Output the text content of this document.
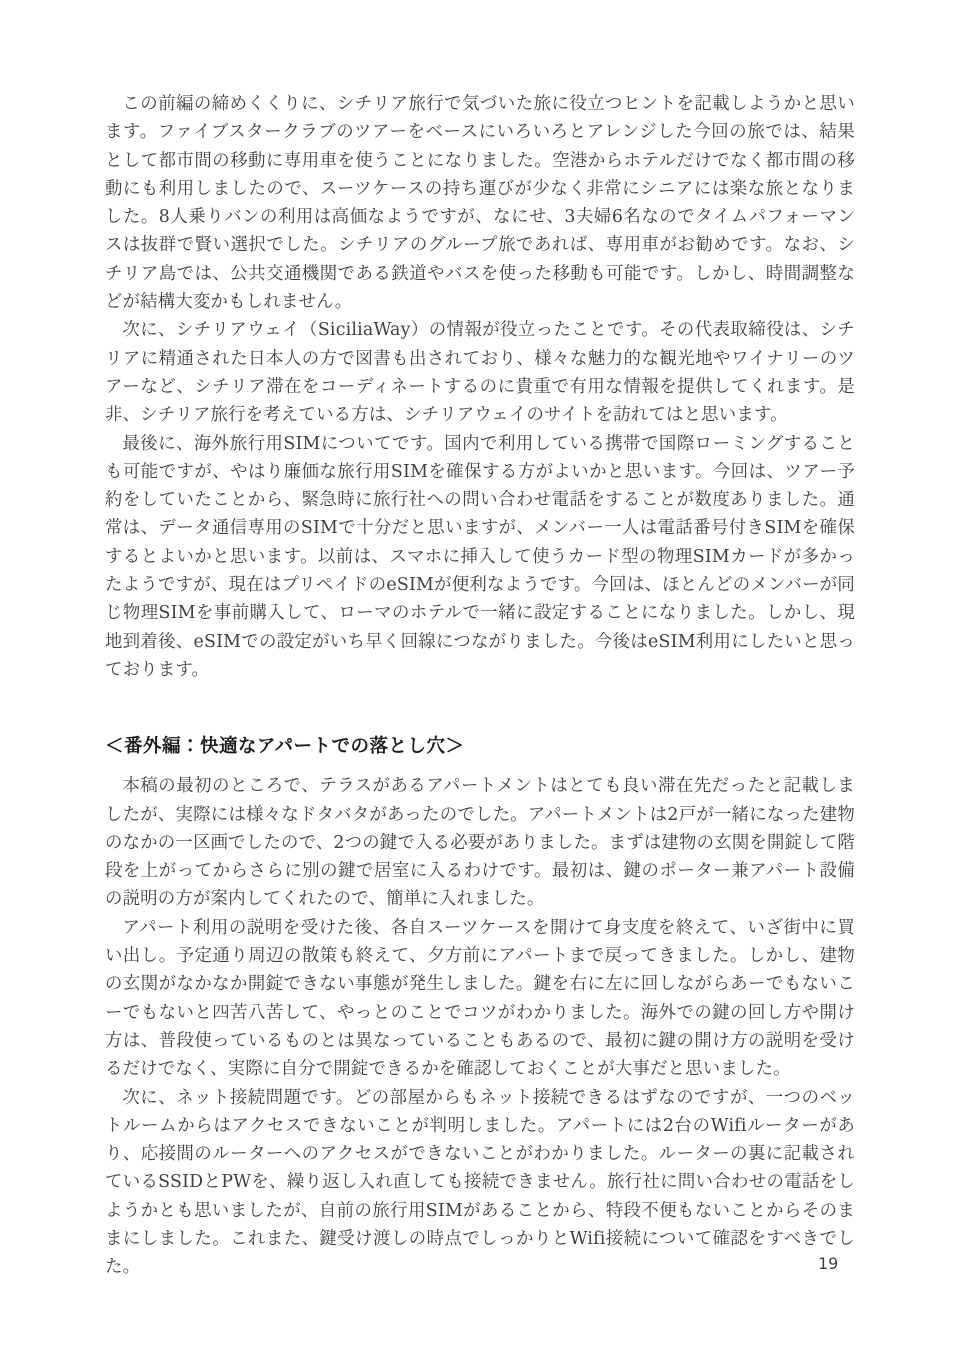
この前編の締めくくりに、シチリア旅行で気づいた旅に役立つヒントを記載しようかと思います。ファイブスタークラブのツアーをベースにいろいろとアレンジした今回の旅では、結果として都市間の移動に専用車を使うことになりました。空港からホテルだけでなく都市間の移動にも利用しましたので、スーツケースの持ち運びが少なく非常にシニアには楽な旅となりました。8人乗りバンの利用は高価なようですが、なにせ、3夫婦6名なのでタイムパフォーマンスは抜群で賢い選択でした。シチリアのグループ旅であれば、専用車がお勧めです。なお、シチリア島では、公共交通機関である鉄道やバスを使った移動も可能です。しかし、時間調整などが結構大変かもしれません。

次に、シチリアウェイ（SiciliaWay）の情報が役立ったことです。その代表取締役は、シチリアに精通された日本人の方で図書も出されており、様々な魅力的な観光地やワイナリーのツアーなど、シチリア滞在をコーディネートするのに貴重で有用な情報を提供してくれます。是非、シチリア旅行を考えている方は、シチリアウェイのサイトを訪れてはと思います。

最後に、海外旅行用SIMについてです。国内で利用している携帯で国際ローミングすることも可能ですが、やはり廉価な旅行用SIMを確保する方がよいかと思います。今回は、ツアー予約をしていたことから、緊急時に旅行社への問い合わせ電話をすることが数度ありました。通常は、データ通信専用のSIMで十分だと思いますが、メンバー一人は電話番号付きSIMを確保するとよいかと思います。以前は、スマホに挿入して使うカード型の物理SIMカードが多かったようですが、現在はプリペイドのeSIMが便利なようです。今回は、ほとんどのメンバーが同じ物理SIMを事前購入して、ローマのホテルで一緒に設定することになりました。しかし、現地到着後、eSIMでの設定がいち早く回線につながりました。今後はeSIM利用にしたいと思っております。

＜番外編：快適なアパートでの落とし穴＞

本稿の最初のところで、テラスがあるアパートメントはとても良い滞在先だったと記載しましたが、実際には様々なドタバタがあったのでした。アパートメントは2戸が一緒になった建物のなかの一区画でしたので、2つの鍵で入る必要がありました。まずは建物の玄関を開錠して階段を上がってからさらに別の鍵で居室に入るわけです。最初は、鍵のポーター兼アパート設備の説明の方が案内してくれたので、簡単に入れました。

アパート利用の説明を受けた後、各自スーツケースを開けて身支度を終えて、いざ街中に買い出し。予定通り周辺の散策も終えて、夕方前にアパートまで戻ってきました。しかし、建物の玄関がなかなか開錠できない事態が発生しました。鍵を右に左に回しながらあーでもないこーでもないと四苦八苦して、やっとのことでコツがわかりました。海外での鍵の回し方や開け方は、普段使っているものとは異なっていることもあるので、最初に鍵の開け方の説明を受けるだけでなく、実際に自分で開錠できるかを確認しておくことが大事だと思いました。

次に、ネット接続問題です。どの部屋からもネット接続できるはずなのですが、一つのベットルームからはアクセスできないことが判明しました。アパートには2台のWifiルーターがあり、応接間のルーターへのアクセスができないことがわかりました。ルーターの裏に記載されているSSIDとPWを、繰り返し入れ直しても接続できません。旅行社に問い合わせの電話をしようかとも思いましたが、自前の旅行用SIMがあることから、特段不便もないことからそのままにしました。これまた、鍵受け渡しの時点でしっかりとWifi接続について確認をすべきでした。	19
